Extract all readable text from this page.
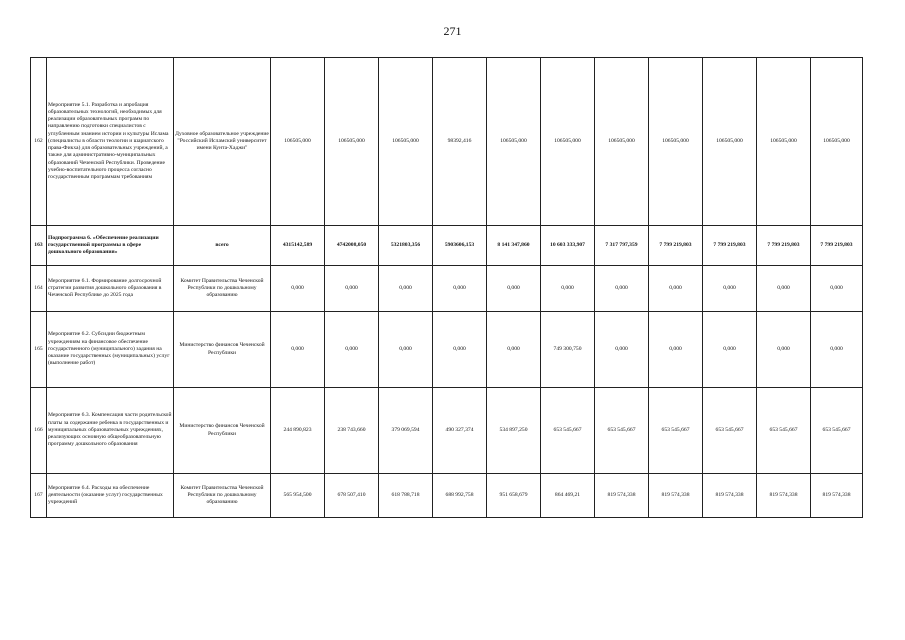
271
162	Мероприятие 5.1. Разработка и апробация образовательных технологий, необходимых для реализации образовательных программ по направлению подготовки специалистов с углубленным знанием истории и культуры Ислама (специалисты в области теологии и шариатского права-Фикха) для образовательных учреждений, а также для административно-муниципальных образований Чеченской Республики. Проведение учебно-воспитательного процесса согласно государственным программам требованиям	Духовное образовательное учреждение "Российский Исламский университет имени Кунта-Хаджи"	106505,000	106505,000	106505,000	98392,416	106505,000	106505,000	106505,000	106505,000	106505,000	106505,000	106505,000
163	Подпрограмма 6. «Обеспечение реализации государственной программы в сфере дошкольного образования»	всего	4315142,589	4742008,050	5321803,356	5903606,153	8 141 347,860	10 603 333,907	7 317 797,359	7 799 219,803	7 799 219,803	7 799 219,803	7 799 219,803
164	Мероприятие 6.1. Формирование долгосрочной стратегии развития дошкольного образования в Чеченской Республике до 2025 года	Комитет Правительства Чеченской Республики по дошкольному образованию	0,000	0,000	0,000	0,000	0,000	0,000	0,000	0,000	0,000	0,000	0,000
165	Мероприятие 6.2. Субсидии бюджетным учреждениям на финансовое обеспечение государственного (муниципального) задания на оказание государственных (муниципальных) услуг (выполнение работ)	Министерство финансов Чеченской Республики	0,000	0,000	0,000	0,000	0,000	749 300,750	0,000	0,000	0,000	0,000	0,000
166	Мероприятие 6.3. Компенсация части родительской платы за содержание ребенка в государственных и муниципальных образовательных учреждениях, реализующих основную общеобразовательную программу дошкольного образования	Министерство финансов Чеченской Республики	244 890,823	238 743,660	379 069,594	490 327,374	534 897,250	653 545,667	653 545,667	653 545,667	653 545,667	653 545,667	653 545,667
167	Мероприятие 6.4. Расходы на обеспечение деятельности (оказание услуг) государственных учреждений	Комитет Правительства Чеченской Республики по дошкольному образованию	565 954,500	678 507,410	618 788,718	688 992,758	951 658,679	864 469,21	819 574,338	819 574,338	819 574,338	819 574,338	819 574,338
